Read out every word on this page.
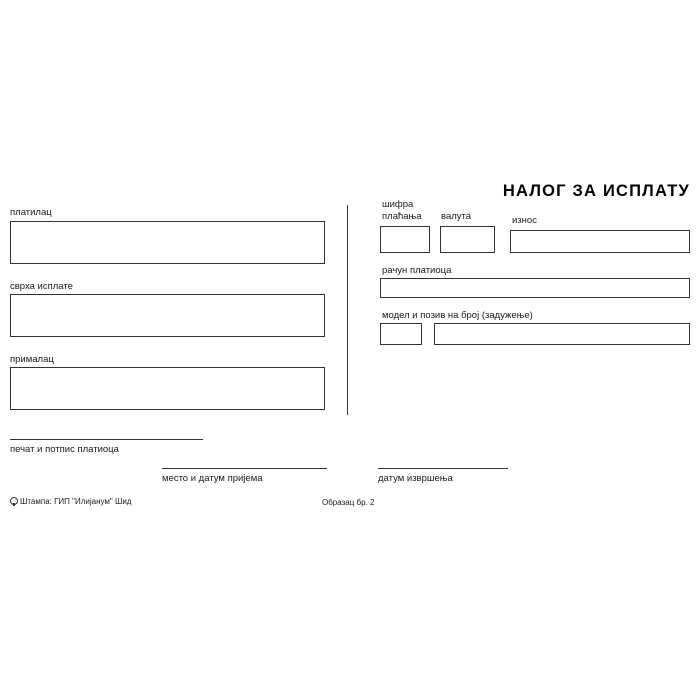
НАЛОГ ЗА ИСПЛАТУ
платилац
сврха исплате
прималац
печат и потпис платиоца
место и датум пријема
шифра
плаћања валута	износ
рачун платиоца
модел и позив на број (задужење)
датум извршења
Штампа: ГИП "Илијанум" Шид	Образац бр. 2
